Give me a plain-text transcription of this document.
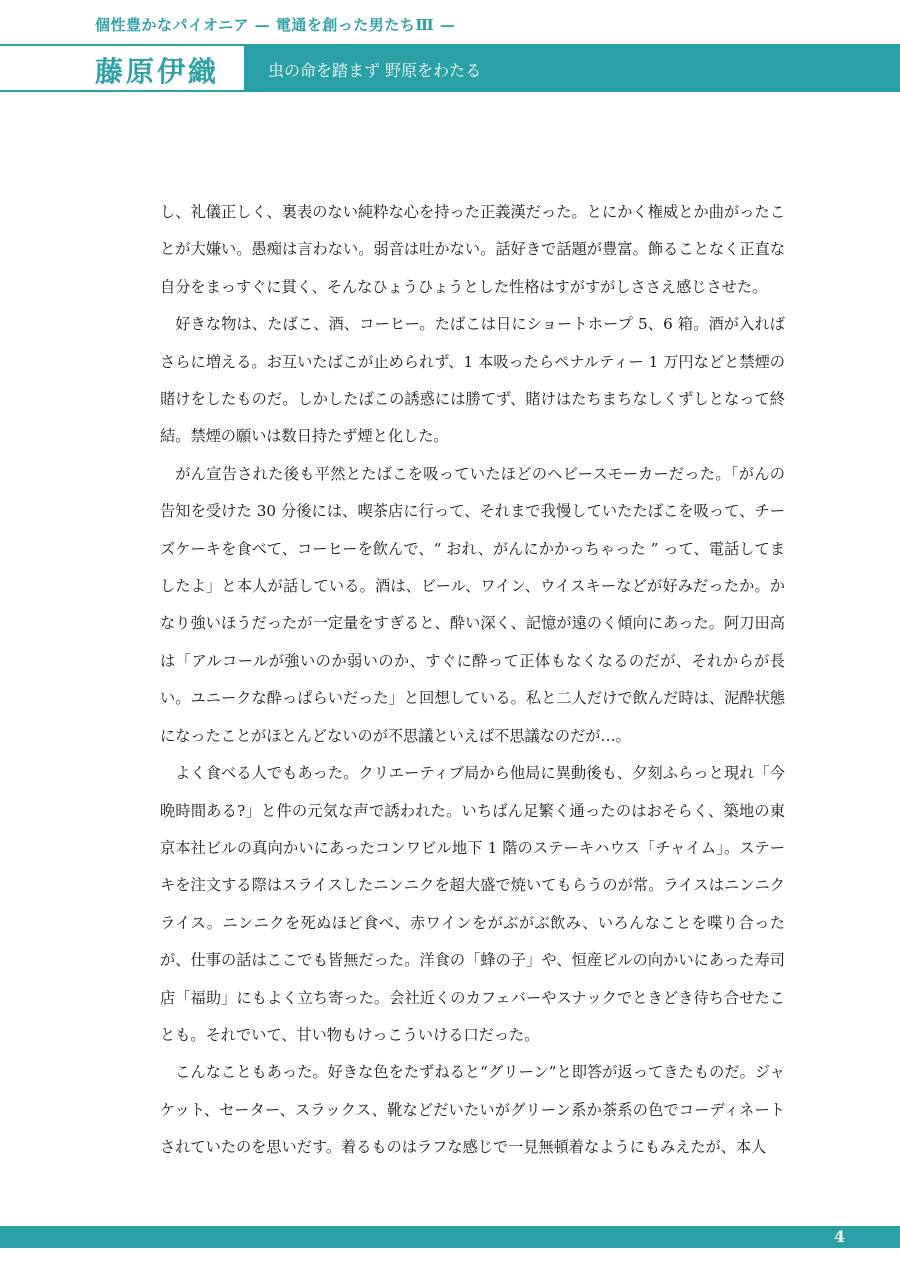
個性豊かなパイオニア — 電通を創った男たちⅢ —
藤原伊織	虫の命を踏まず 野原をわたる

し、礼儀正しく、裏表のない純粋な心を持った正義漢だった。とにかく権威とか曲がったことが大嫌い。愚痴は言わない。弱音は吐かない。話好きで話題が豊富。飾ることなく正直な自分をまっすぐに貫く、そんなひょうひょうとした性格はすがすがしささえ感じさせた。

好きな物は、たばこ、酒、コーヒー。たばこは日にショートホープ 5、6 箱。酒が入ればさらに増える。お互いたばこが止められず、1 本吸ったらペナルティー 1 万円などと禁煙の賭けをしたものだ。しかしたばこの誘惑には勝てず、賭けはたちまちなしくずしとなって終結。禁煙の願いは数日持たず煙と化した。

がん宣告された後も平然とたばこを吸っていたほどのヘビースモーカーだった。「がんの告知を受けた 30 分後には、喫茶店に行って、それまで我慢していたたばこを吸って、チーズケーキを食べて、コーヒーを飲んで、“ おれ、がんにかかっちゃった ” って、電話してましたよ」と本人が話している。酒は、ビール、ワイン、ウイスキーなどが好みだったか。かなり強いほうだったが一定量をすぎると、酔い深く、記憶が遠のく傾向にあった。阿刀田高は「アルコールが強いのか弱いのか、すぐに酔って正体もなくなるのだが、それからが長い。ユニークな酔っぱらいだった」と回想している。私と二人だけで飲んだ時は、泥酔状態になったことがほとんどないのが不思議といえば不思議なのだが…。

よく食べる人でもあった。クリエーティブ局から他局に異動後も、夕刻ふらっと現れ「今晩時間ある?」と件の元気な声で誘われた。いちばん足繁く通ったのはおそらく、築地の東京本社ビルの真向かいにあったコンワビル地下 1 階のステーキハウス「チャイム」。ステーキを注文する際はスライスしたニンニクを超大盛で焼いてもらうのが常。ライスはニンニクライス。ニンニクを死ぬほど食べ、赤ワインをがぶがぶ飲み、いろんなことを喋り合ったが、仕事の話はここでも皆無だった。洋食の「蜂の子」や、恒産ビルの向かいにあった寿司店「福助」にもよく立ち寄った。会社近くのカフェバーやスナックでときどき待ち合せたことも。それでいて、甘い物もけっこういける口だった。

こんなこともあった。好きな色をたずねると“グリーン”と即答が返ってきたものだ。ジャケット、セーター、スラックス、靴などだいたいがグリーン系か茶系の色でコーディネートされていたのを思いだす。着るものはラフな感じで一見無頓着なようにもみえたが、本人

4
